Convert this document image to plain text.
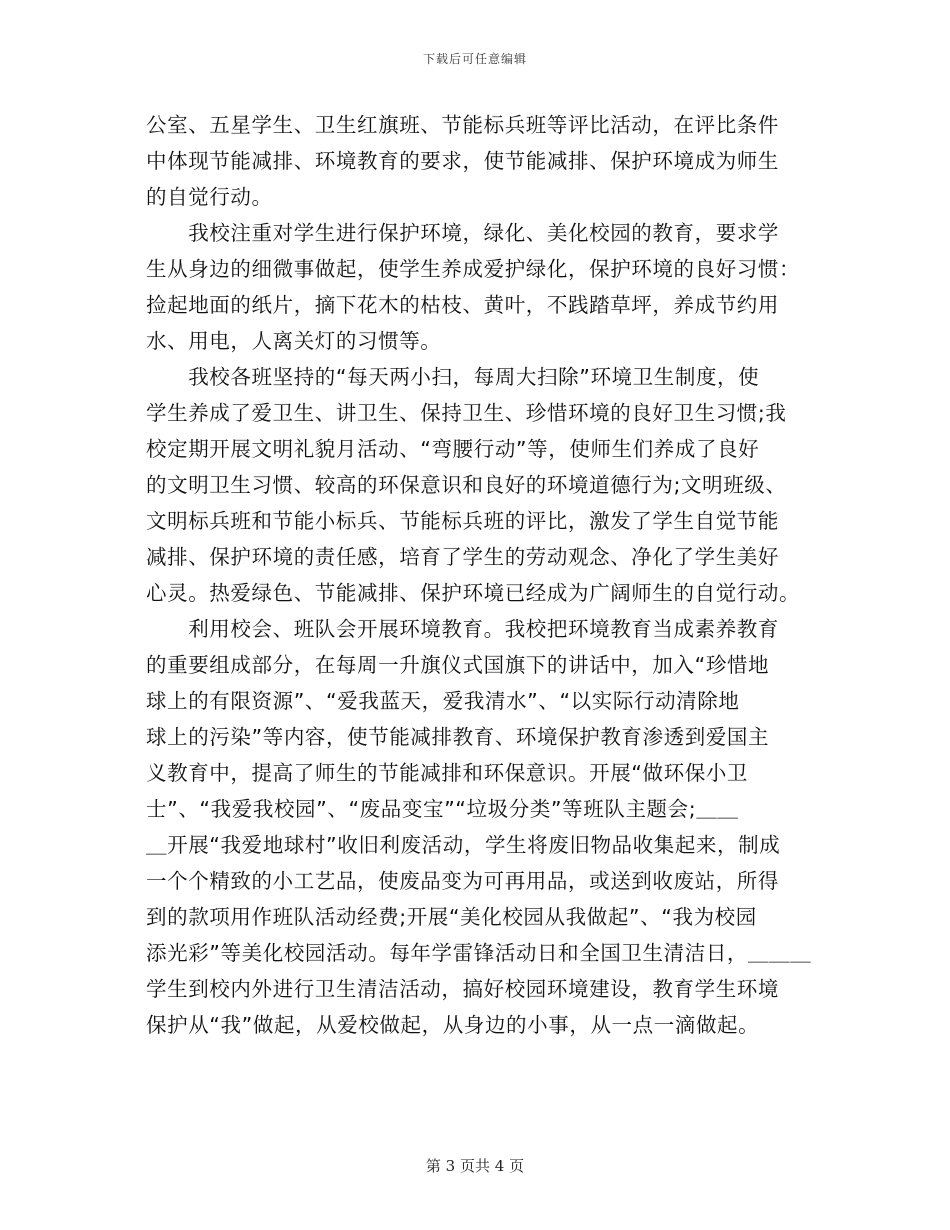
下载后可任意编辑
公室、五星学生、卫生红旗班、节能标兵班等评比活动，在评比条件
中体现节能减排、环境教育的要求，使节能减排、保护环境成为师生
的自觉行动。
　　我校注重对学生进行保护环境，绿化、美化校园的教育，要求学
生从身边的细微事做起，使学生养成爱护绿化，保护环境的良好习惯：
捡起地面的纸片，摘下花木的枯枝、黄叶，不践踏草坪，养成节约用
水、用电，人离关灯的习惯等。
　　我校各班坚持的“每天两小扫，每周大扫除”环境卫生制度，使
学生养成了爱卫生、讲卫生、保持卫生、珍惜环境的良好卫生习惯;我
校定期开展文明礼貌月活动、“弯腰行动”等，使师生们养成了良好
的文明卫生习惯、较高的环保意识和良好的环境道德行为;文明班级、
文明标兵班和节能小标兵、节能标兵班的评比，激发了学生自觉节能
减排、保护环境的责任感，培育了学生的劳动观念、净化了学生美好
心灵。热爱绿色、节能减排、保护环境已经成为广阔师生的自觉行动。
　　利用校会、班队会开展环境教育。我校把环境教育当成素养教育
的重要组成部分，在每周一升旗仪式国旗下的讲话中，加入“珍惜地
球上的有限资源”、“爱我蓝天，爱我清水”、“以实际行动清除地
球上的污染”等内容，使节能减排教育、环境保护教育渗透到爱国主
义教育中，提高了师生的节能减排和环保意识。开展“做环保小卫
士”、“我爱我校园”、“废品变宝”“垃圾分类”等班队主题会;＿＿
＿开展“我爱地球村”收旧利废活动，学生将废旧物品收集起来，制成
一个个精致的小工艺品，使废品变为可再用品，或送到收废站，所得
到的款项用作班队活动经费;开展“美化校园从我做起”、“我为校园
添光彩”等美化校园活动。每年学雷锋活动日和全国卫生清洁日，＿＿＿
学生到校内外进行卫生清洁活动，搞好校园环境建设，教育学生环境
保护从“我”做起，从爱校做起，从身边的小事，从一点一滴做起。
第 3 页共 4 页
